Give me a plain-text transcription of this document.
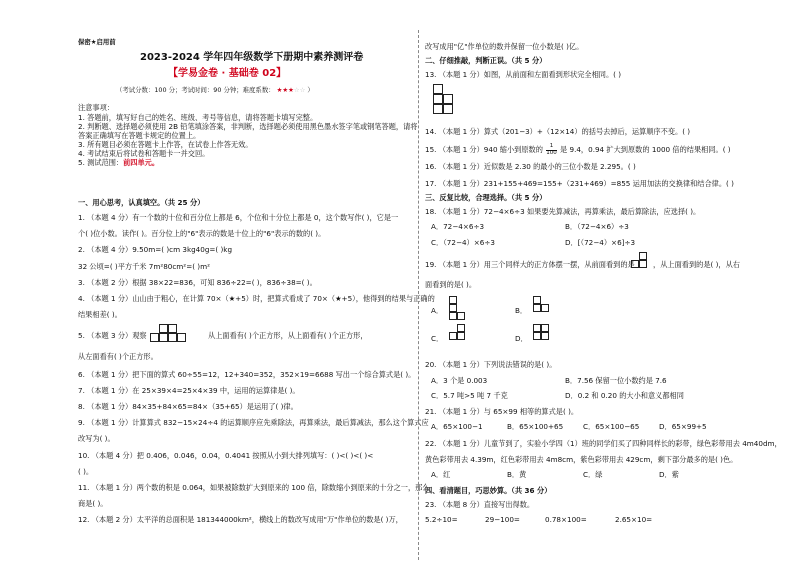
保密★启用前
2023-2024 学年四年级数学下册期中素养测评卷
【学易金卷 · 基础卷 02】
（考试分数：100 分；考试时间：90 分钟；难度系数： ★★★☆☆ ）
注意事项：
1. 答题前，填写好自己的姓名、班级、考号等信息，请将答题卡填写完整。
2. 判断题、选择题必须使用 2B 铅笔填涂答案，非判断，选择题必须使用黑色墨水签字笔或钢笔答题，请将
答案正确填写在答题卡规定的位置上。
3. 所有题目必须在答题卡上作答，在试卷上作答无效。
4. 考试结束后将试卷和答题卡一并交回。
5. 测试范围：前四单元。
一、用心思考，认真填空。（共 25 分）
1. （本题 4 分）有一个数的十位和百分位上都是 6，个位和十分位上都是 0，这个数写作( )，它是一
个( )位小数。读作( )。百分位上的"6"表示的数是十位上的"6"表示的数的( )。
2. （本题 4 分）9.50m=( )cm 3kg40g=( )kg
32 公顷=( )平方千米 7m²80cm²=( )m²
3. （本题 2 分）根据 38×22=836，可知 836÷22=( )，836÷38=( )。
4. （本题 1 分）山山由于粗心，在计算 70×（★+5）时，把算式看成了 70×（★+5），他得到的结果与正确的
结果相差( )。
5. （本题 3 分）观察	从上面看有( )个正方形，从上面看有( )个正方形，
从左面看有( )个正方形。
6. （本题 1 分）把下面的算式 60÷55=12，12+340=352，352×19=6688 写出一个综合算式是( )。
7. （本题 1 分）在 25×39×4=25×4×39 中，运用的运算律是( )。
8. （本题 1 分）84×35+84×65=84×（35+65）是运用了( )律。
9. （本题 1 分）计算算式 832−15×24÷4 的运算顺序应先乘除法，再算乘法，最后算减法，那么这个算式应
改写为( )。
10. （本题 4 分）把 0.406，0.046，0.04，0.4041 按照从小到大排列填写：( )<( )<( )<
( )。
11. （本题 1 分）两个数的积是 0.064，如果被除数扩大到原来的 100 倍，除数缩小到原来的十分之一，那么
商是( )。
12. （本题 2 分）太平洋的总面积是 181344000km²，横线上的数改写成用"万"作单位的数是( )万，
改写成用"亿"作单位的数并保留一位小数是( )亿。
二、仔细推敲，判断正误。（共 5 分）
13. （本题 1 分）如图，从前面和左面看到形状完全相同。( )
14. （本题 1 分）算式（201−3）+（12×14）的括号去掉后，运算顺序不变。( )
15. （本题 1 分）940 缩小到原数的 $\frac{1}{100}$ 是 9.4，0.94 扩大到原数的 1000 倍的结果相同。( )
16. （本题 1 分）近似数是 2.30 的最小的三位小数是 2.295。( )
17. （本题 1 分）231+155+469=155+（231+469）=855 运用加法的交换律和结合律。( )
三、反复比较，合理选择。（共 5 分）
18. （本题 1 分）72−4×6÷3 如果要先算减法，再算乘法，最后算除法，应选择( )。
A．72−4×6÷3	B．（72−4×6）÷3
C．（72−4）×6÷3	D．[（72−4）×6]÷3
19. （本题 1 分）用三个同样大的正方体摆一摆，从前面看到的是	，从上面看到的是( )，从右
面看到的是( )。
A．	B．
C．	D．
20. （本题 1 分）下列说法错误的是( )。
A．3 个是 0.003	B．7.56 保留一位小数约是 7.6
C．5.7 吨>5 吨 7 千克	D．0.2 和 0.20 的大小和意义都相同
21. （本题 1 分）与 65×99 相等的算式是( )。
A．65×100−1	B．65×100+65	C．65×100−65	D．65×99+5
22. （本题 1 分）儿童节到了，实验小学四（1）班的同学们买了四种同样长的彩带，绿色彩带用去 4m40dm，
黄色彩带用去 4.39m，红色彩带用去 4m8cm，紫色彩带用去 429cm，剩下部分最多的是( )色。
A．红	B．黄	C．绿	D．紫
四、看清题目，巧思妙算。（共 36 分）
23. （本题 8 分）直接写出得数。
5.2÷10=	29−100=	0.78×100=	2.65×10=
